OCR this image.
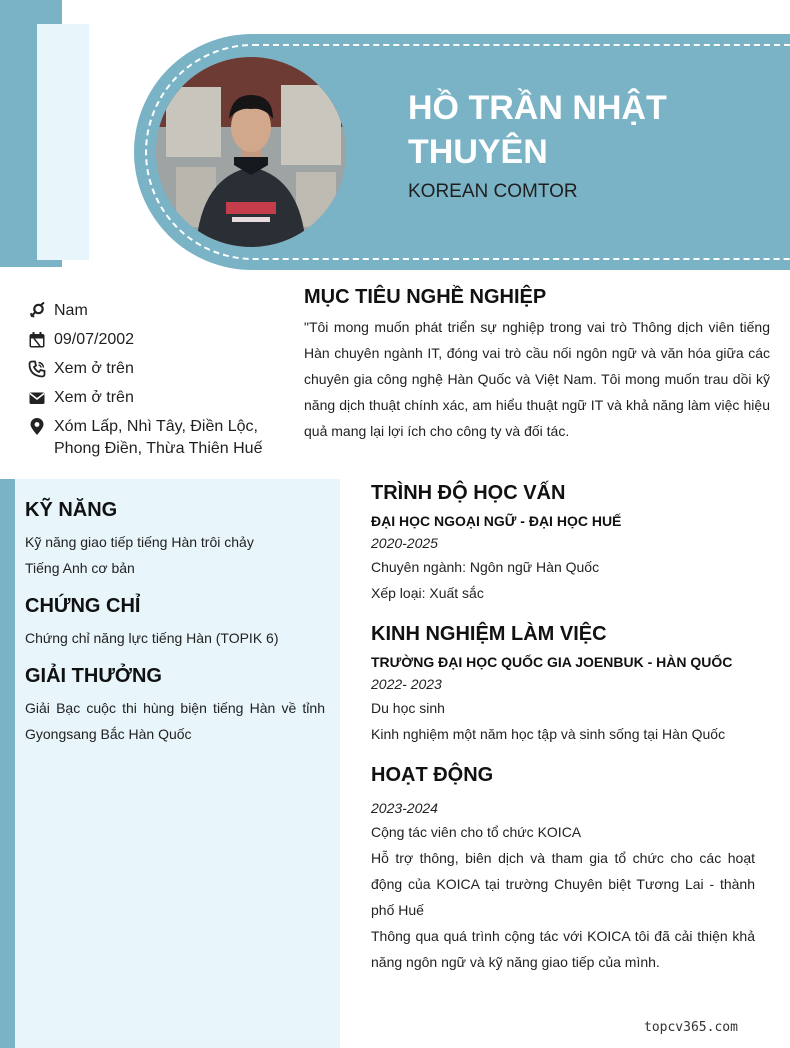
HỒ TRẦN NHẬT THUYÊN
KOREAN COMTOR
Nam
09/07/2002
Xem ở trên
Xem ở trên
Xóm Lấp, Nhì Tây, Điền Lộc, Phong Điền, Thừa Thiên Huế
MỤC TIÊU NGHỀ NGHIỆP

"Tôi mong muốn phát triển sự nghiệp trong vai trò Thông dịch viên tiếng Hàn chuyên ngành IT, đóng vai trò cầu nối ngôn ngữ và văn hóa giữa các chuyên gia công nghệ Hàn Quốc và Việt Nam. Tôi mong muốn trau dồi kỹ năng dịch thuật chính xác, am hiểu thuật ngữ IT và khả năng làm việc hiệu quả mang lại lợi ích cho công ty và đối tác.

KỸ NĂNG
Kỹ năng giao tiếp tiếng Hàn trôi chảy
Tiếng Anh cơ bản
CHỨNG CHỈ
Chứng chỉ năng lực tiếng Hàn (TOPIK 6)
GIẢI THƯỞNG
Giải Bạc cuộc thi hùng biện tiếng Hàn về tỉnh Gyongsang Bắc Hàn Quốc
TRÌNH ĐỘ HỌC VẤN
ĐẠI HỌC NGOẠI NGỮ - ĐẠI HỌC HUẾ
2020-2025
Chuyên ngành: Ngôn ngữ Hàn Quốc
Xếp loại: Xuất sắc
KINH NGHIỆM LÀM VIỆC
TRƯỜNG ĐẠI HỌC QUỐC GIA JOENBUK - HÀN QUỐC
2022- 2023
Du học sinh
Kinh nghiệm một năm học tập và sinh sống tại Hàn Quốc
HOẠT ĐỘNG
2023-2024
Cộng tác viên cho tổ chức KOICA
Hỗ trợ thông, biên dịch và tham gia tổ chức cho các hoạt động của KOICA tại trường Chuyên biệt Tương Lai - thành phố Huế
Thông qua quá trình cộng tác với KOICA tôi đã cải thiện khả năng ngôn ngữ và kỹ năng giao tiếp của mình.
topcv365.com
